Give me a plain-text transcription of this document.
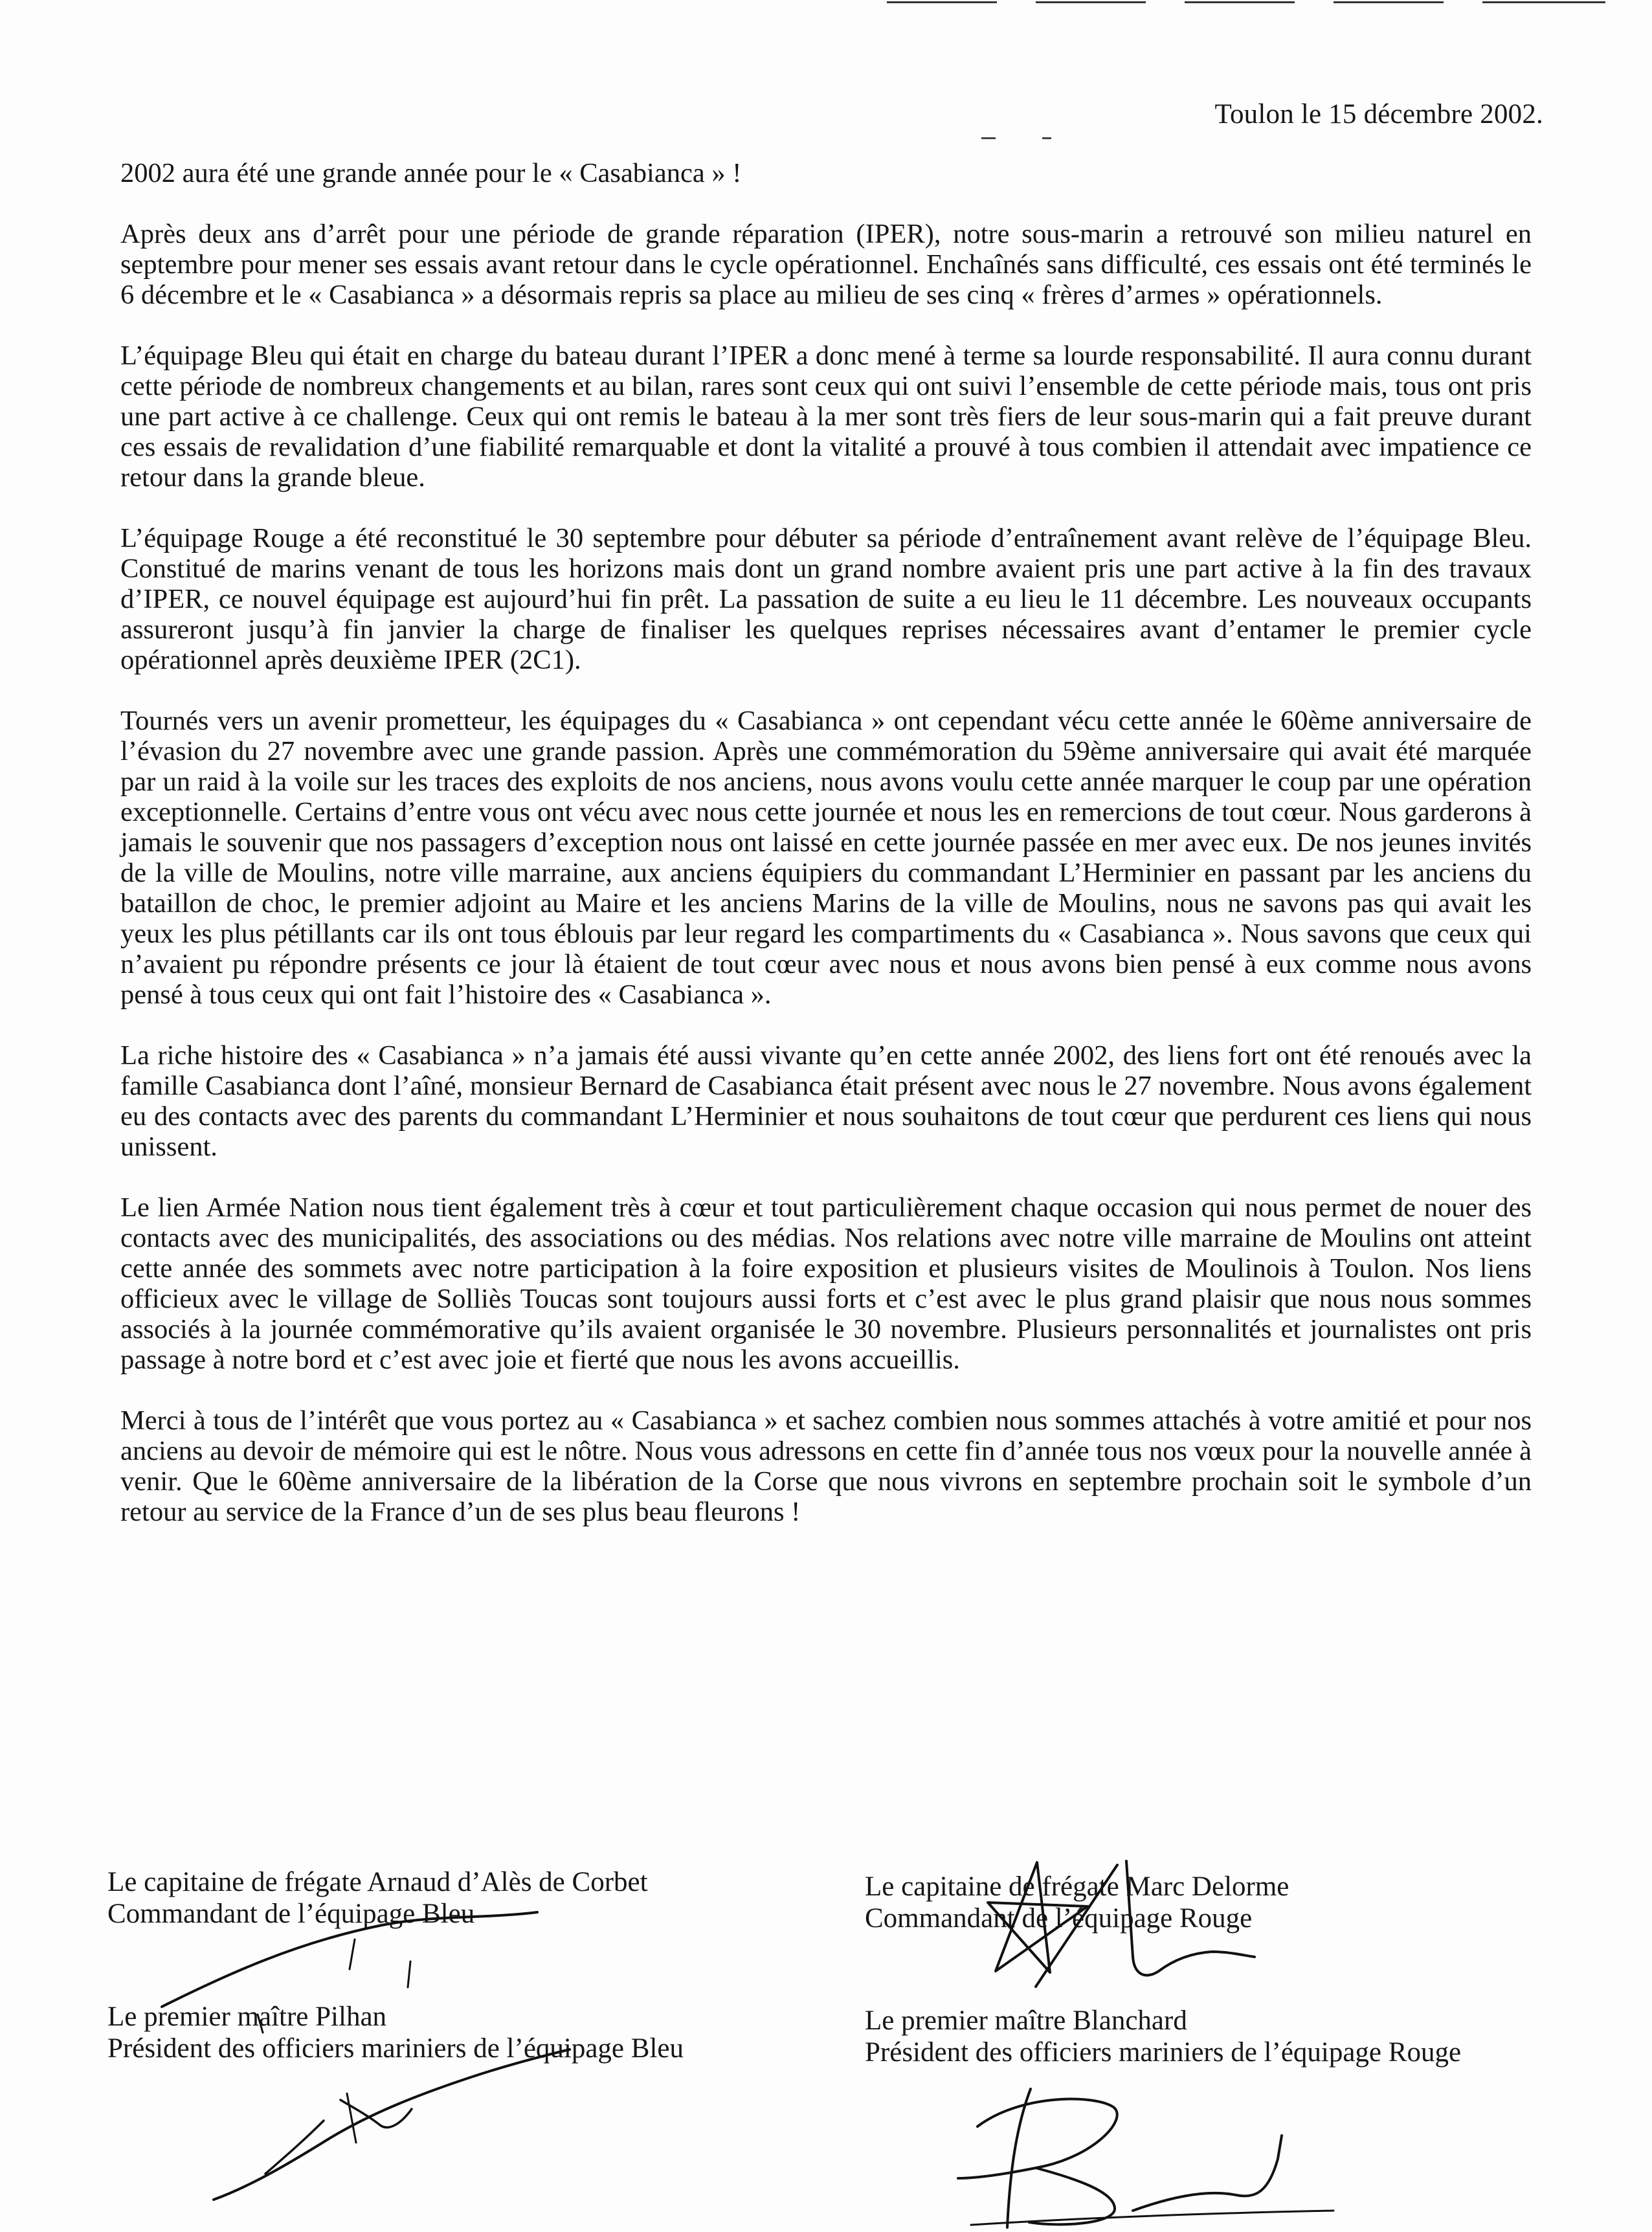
Toulon le 15 décembre 2002.

2002 aura été une grande année pour le « Casabianca » !

Après deux ans d’arrêt pour une période de grande réparation (IPER), notre sous-marin a retrouvé son milieu naturel en septembre pour mener ses essais avant retour dans le cycle opérationnel. Enchaînés sans difficulté, ces essais ont été terminés le 6 décembre et le « Casabianca » a désormais repris sa place au milieu de ses cinq « frères d’armes » opérationnels.

L’équipage Bleu qui était en charge du bateau durant l’IPER a donc mené à terme sa lourde responsabilité. Il aura connu durant cette période de nombreux changements et au bilan, rares sont ceux qui ont suivi l’ensemble de cette période mais, tous ont pris une part active à ce challenge. Ceux qui ont remis le bateau à la mer sont très fiers de leur sous-marin qui a fait preuve durant ces essais de revalidation d’une fiabilité remarquable et dont la vitalité a prouvé à tous combien il attendait avec impatience ce retour dans la grande bleue.

L’équipage Rouge a été reconstitué le 30 septembre pour débuter sa période d’entraînement avant relève de l’équipage Bleu. Constitué de marins venant de tous les horizons mais dont un grand nombre avaient pris une part active à la fin des travaux d’IPER, ce nouvel équipage est aujourd’hui fin prêt. La passation de suite a eu lieu le 11 décembre. Les nouveaux occupants assureront jusqu’à fin janvier la charge de finaliser les quelques reprises nécessaires avant d’entamer le premier cycle opérationnel après deuxième IPER (2C1).

Tournés vers un avenir prometteur, les équipages du « Casabianca » ont cependant vécu cette année le 60ème anniversaire de l’évasion du 27 novembre avec une grande passion. Après une commémoration du 59ème anniversaire qui avait été marquée par un raid à la voile sur les traces des exploits de nos anciens, nous avons voulu cette année marquer le coup par une opération exceptionnelle. Certains d’entre vous ont vécu avec nous cette journée et nous les en remercions de tout cœur. Nous garderons à jamais le souvenir que nos passagers d’exception nous ont laissé en cette journée passée en mer avec eux. De nos jeunes invités de la ville de Moulins, notre ville marraine, aux anciens équipiers du commandant L’Herminier en passant par les anciens du bataillon de choc, le premier adjoint au Maire et les anciens Marins de la ville de Moulins, nous ne savons pas qui avait les yeux les plus pétillants car ils ont tous éblouis par leur regard les compartiments du « Casabianca ». Nous savons que ceux qui n’avaient pu répondre présents ce jour là étaient de tout cœur avec nous et nous avons bien pensé à eux comme nous avons pensé à tous ceux qui ont fait l’histoire des « Casabianca ».

La riche histoire des « Casabianca » n’a jamais été aussi vivante qu’en cette année 2002, des liens fort ont été renoués avec la famille Casabianca dont l’aîné, monsieur Bernard de Casabianca était présent avec nous le 27 novembre. Nous avons également eu des contacts avec des parents du commandant L’Herminier et nous souhaitons de tout cœur que perdurent ces liens qui nous unissent.

Le lien Armée Nation nous tient également très à cœur et tout particulièrement chaque occasion qui nous permet de nouer des contacts avec des municipalités, des associations ou des médias. Nos relations avec notre ville marraine de Moulins ont atteint cette année des sommets avec notre participation à la foire exposition et plusieurs visites de Moulinois à Toulon. Nos liens officieux avec le village de Solliès Toucas sont toujours aussi forts et c’est avec le plus grand plaisir que nous nous sommes associés à la journée commémorative qu’ils avaient organisée le 30 novembre. Plusieurs personnalités et journalistes ont pris passage à notre bord et c’est avec joie et fierté que nous les avons accueillis.

Merci à tous de l’intérêt que vous portez au « Casabianca » et sachez combien nous sommes attachés à votre amitié et pour nos anciens au devoir de mémoire qui est le nôtre. Nous vous adressons en cette fin d’année tous nos vœux pour la nouvelle année à venir. Que le 60ème anniversaire de la libération de la Corse que nous vivrons en septembre prochain soit le symbole d’un retour au service de la France d’un de ses plus beau fleurons !

Le capitaine de frégate Arnaud d’Alès de Corbet
Commandant de l’équipage Bleu
Le capitaine de frégate Marc Delorme
Commandant de l’équipage Rouge
Le premier maître Pilhan
Président des officiers mariniers de l’équipage Bleu
Le premier maître Blanchard
Président des officiers mariniers de l’équipage Rouge
